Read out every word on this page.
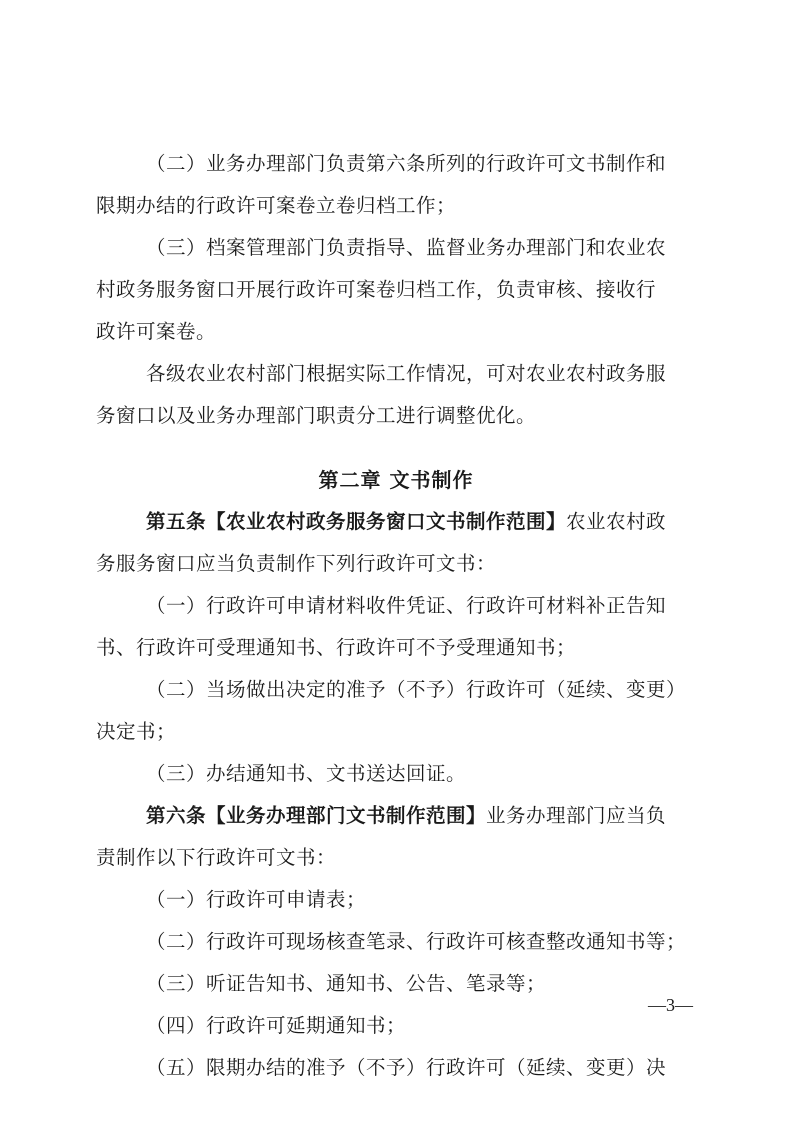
（二）业务办理部门负责第六条所列的行政许可文书制作和
限期办结的行政许可案卷立卷归档工作；
（三）档案管理部门负责指导、监督业务办理部门和农业农
村政务服务窗口开展行政许可案卷归档工作，负责审核、接收行
政许可案卷。
各级农业农村部门根据实际工作情况，可对农业农村政务服
务窗口以及业务办理部门职责分工进行调整优化。
第二章 文书制作
第五条【农业农村政务服务窗口文书制作范围】农业农村政
务服务窗口应当负责制作下列行政许可文书：
（一）行政许可申请材料收件凭证、行政许可材料补正告知
书、行政许可受理通知书、行政许可不予受理通知书；
（二）当场做出决定的准予（不予）行政许可（延续、变更）
决定书；
（三）办结通知书、文书送达回证。
第六条【业务办理部门文书制作范围】业务办理部门应当负
责制作以下行政许可文书：
（一）行政许可申请表；
（二）行政许可现场核查笔录、行政许可核查整改通知书等；
（三）听证告知书、通知书、公告、笔录等；
（四）行政许可延期通知书；
（五）限期办结的准予（不予）行政许可（延续、变更）决
—3—
